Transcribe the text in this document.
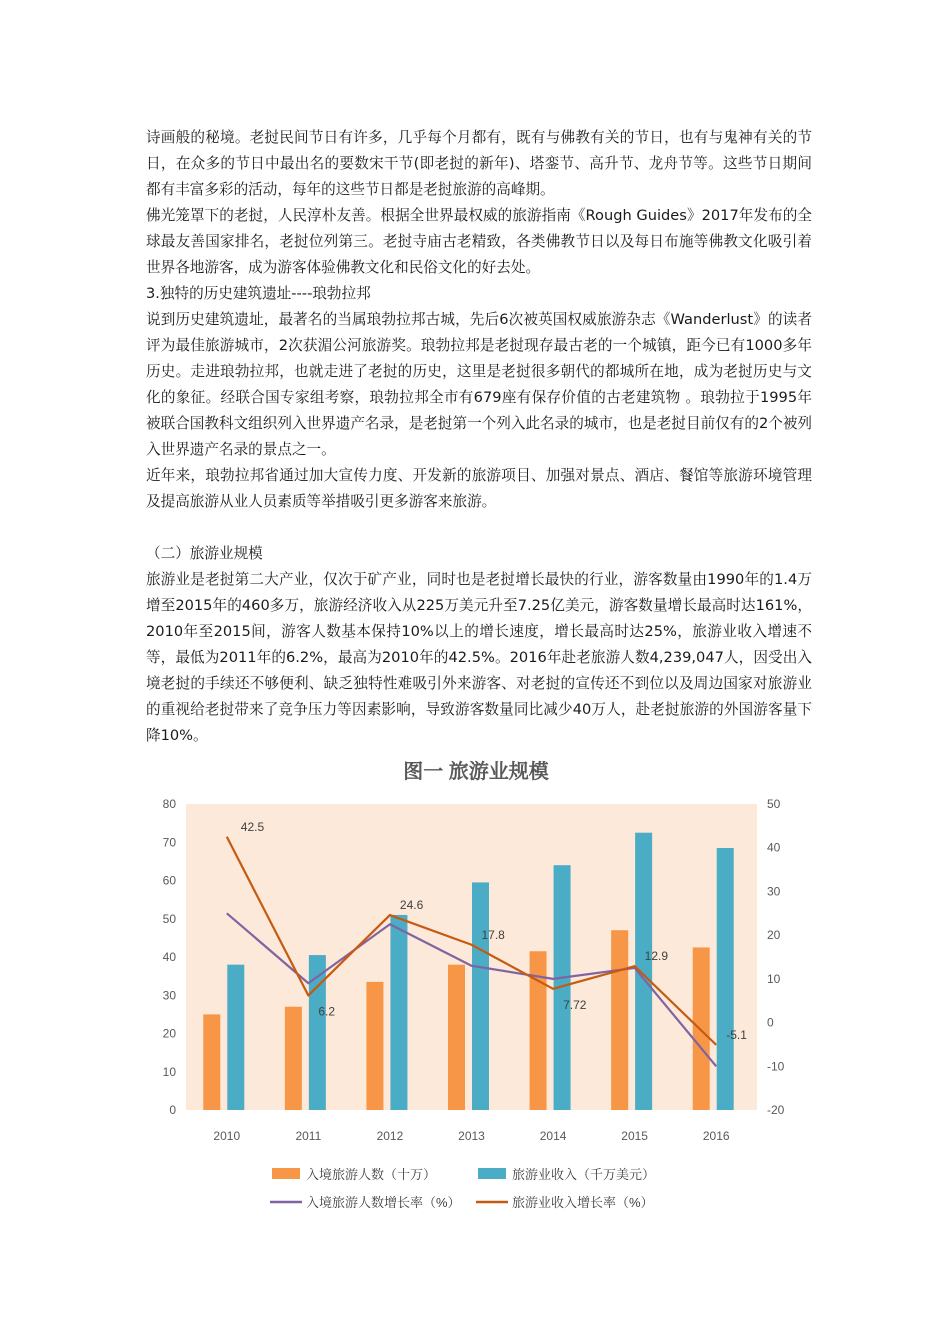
诗画般的秘境。老挝民间节日有许多，几乎每个月都有，既有与佛教有关的节日，也有与鬼神有关的节日，在众多的节日中最出名的要数宋干节(即老挝的新年)、塔銮节、高升节、龙舟节等。这些节日期间都有丰富多彩的活动，每年的这些节日都是老挝旅游的高峰期。

佛光笼罩下的老挝，人民淳朴友善。根据全世界最权威的旅游指南《Rough Guides》2017年发布的全球最友善国家排名，老挝位列第三。老挝寺庙古老精致，各类佛教节日以及每日布施等佛教文化吸引着世界各地游客，成为游客体验佛教文化和民俗文化的好去处。

3.独特的历史建筑遗址----琅勃拉邦

说到历史建筑遗址，最著名的当属琅勃拉邦古城，先后6次被英国权威旅游杂志《Wanderlust》的读者评为最佳旅游城市，2次获湄公河旅游奖。琅勃拉邦是老挝现存最古老的一个城镇，距今已有1000多年历史。走进琅勃拉邦，也就走进了老挝的历史，这里是老挝很多朝代的都城所在地，成为老挝历史与文化的象征。经联合国专家组考察，琅勃拉邦全市有679座有保存价值的古老建筑物 。琅勃拉于1995年被联合国教科文组织列入世界遗产名录，是老挝第一个列入此名录的城市，也是老挝目前仅有的2个被列入世界遗产名录的景点之一。

近年来，琅勃拉邦省通过加大宣传力度、开发新的旅游项目、加强对景点、酒店、餐馆等旅游环境管理及提高旅游从业人员素质等举措吸引更多游客来旅游。

（二）旅游业规模

旅游业是老挝第二大产业，仅次于矿产业，同时也是老挝增长最快的行业，游客数量由1990年的1.4万增至2015年的460多万，旅游经济收入从225万美元升至7.25亿美元，游客数量增长最高时达161%，2010年至2015间，游客人数基本保持10%以上的增长速度，增长最高时达25%，旅游业收入增速不等，最低为2011年的6.2%，最高为2010年的42.5%。2016年赴老旅游人数4,239,047人，因受出入境老挝的手续还不够便利、缺乏独特性难吸引外来游客、对老挝的宣传还不到位以及周边国家对旅游业的重视给老挝带来了竞争压力等因素影响，导致游客数量同比减少40万人，赴老挝旅游的外国游客量下降10%。

图一 旅游业规模
0
10
20
30
40
50
60
70
80
-20
-10
0
10
20
30
40
50
42.5
6.2
24.6
17.8
7.72
12.9
-5.1
2010	2011	2012	2013	2014	2015	2016
入境旅游人数（十万）	旅游业收入（千万美元）
入境旅游人数增长率（%）	旅游业收入增长率（%）
